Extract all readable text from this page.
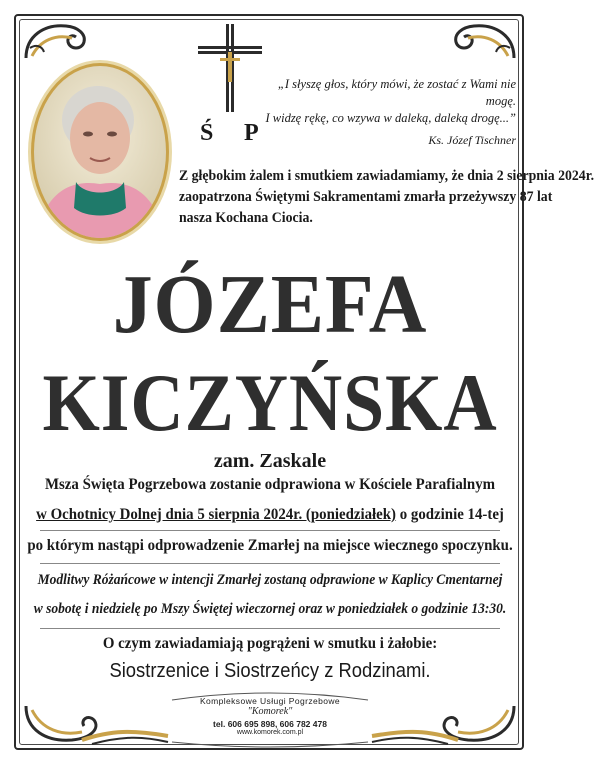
Ś P
„I słyszę głos, który mówi, że zostać z Wami nie mogę.
I widzę rękę, co wzywa w daleką, daleką drogę...”
Ks. Józef Tischner
Z głębokim żalem i smutkiem zawiadamiamy, że dnia 2 sierpnia 2024r.
zaopatrzona Świętymi Sakramentami zmarła przeżywszy 87 lat
nasza Kochana Ciocia.
JÓZEFA
KICZYŃSKA
zam. Zaskale
Msza Święta Pogrzebowa zostanie odprawiona w Kościele Parafialnym
w Ochotnicy Dolnej dnia 5 sierpnia 2024r. (poniedziałek) o godzinie 14-tej
po którym nastąpi odprowadzenie Zmarłej na miejsce wiecznego spoczynku.
Modlitwy Różańcowe w intencji Zmarłej zostaną odprawione w Kaplicy Cmentarnej
w sobotę i niedzielę po Mszy Świętej wieczornej oraz w poniedziałek o godzinie 13:30.
O czym zawiadamiają pogrążeni w smutku i żałobie:
Siostrzenice i Siostrzeńcy z Rodzinami.
Kompleksowe Usługi Pogrzebowe
"Komorek"
tel. 606 695 898, 606 782 478
www.komorek.com.pl
